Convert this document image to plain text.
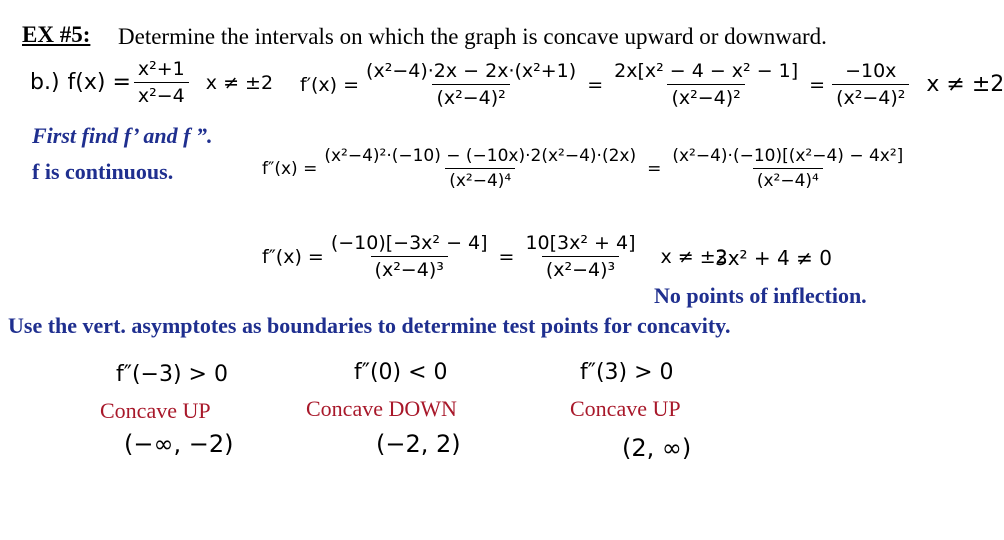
EX #5: Determine the intervals on which the graph is concave upward or downward.
b.) $f(x) = \frac{\text{x²+1}}{\text{x²−4}}$ x ≠ ±2 $f'(x) = \frac{\text{(x²−4)·2x − 2x·(x²+1)}}{\text{(x²−4)²}} = \frac{\text{2x[x² − 4 − x² − 1]}}{\text{(x²−4)²}} = \frac{-10x}{\text{(x²−4)²}}$ x ≠ ±2
First find f’ and f ”.
f is continuous.	$f''(x) = \frac{\text{(x²−4)²·(−10) − (−10x)·2(x²−4)·(2x)}}{\text{(x²−4)⁴}} = \frac{\text{(x²−4)·(−10)[(x²−4) − 4x²]}}{\text{(x²−4)⁴}}$
$f''(x) = \frac{\text{(−10)[−3x² − 4]}}{\text{(x²−4)³}} = \frac{\text{10[3x² + 4]}}{\text{(x²−4)³}}$ x ≠ ±2
3x² + 4 ≠ 0
No points of inflection.
Use the vert. asymptotes as boundaries to determine test points for concavity.
f″(−3) > 0
Concave UP
(−∞, −2)
f″(0) < 0
Concave DOWN
(−2, 2)
f″(3) > 0
Concave UP
(2, ∞)
